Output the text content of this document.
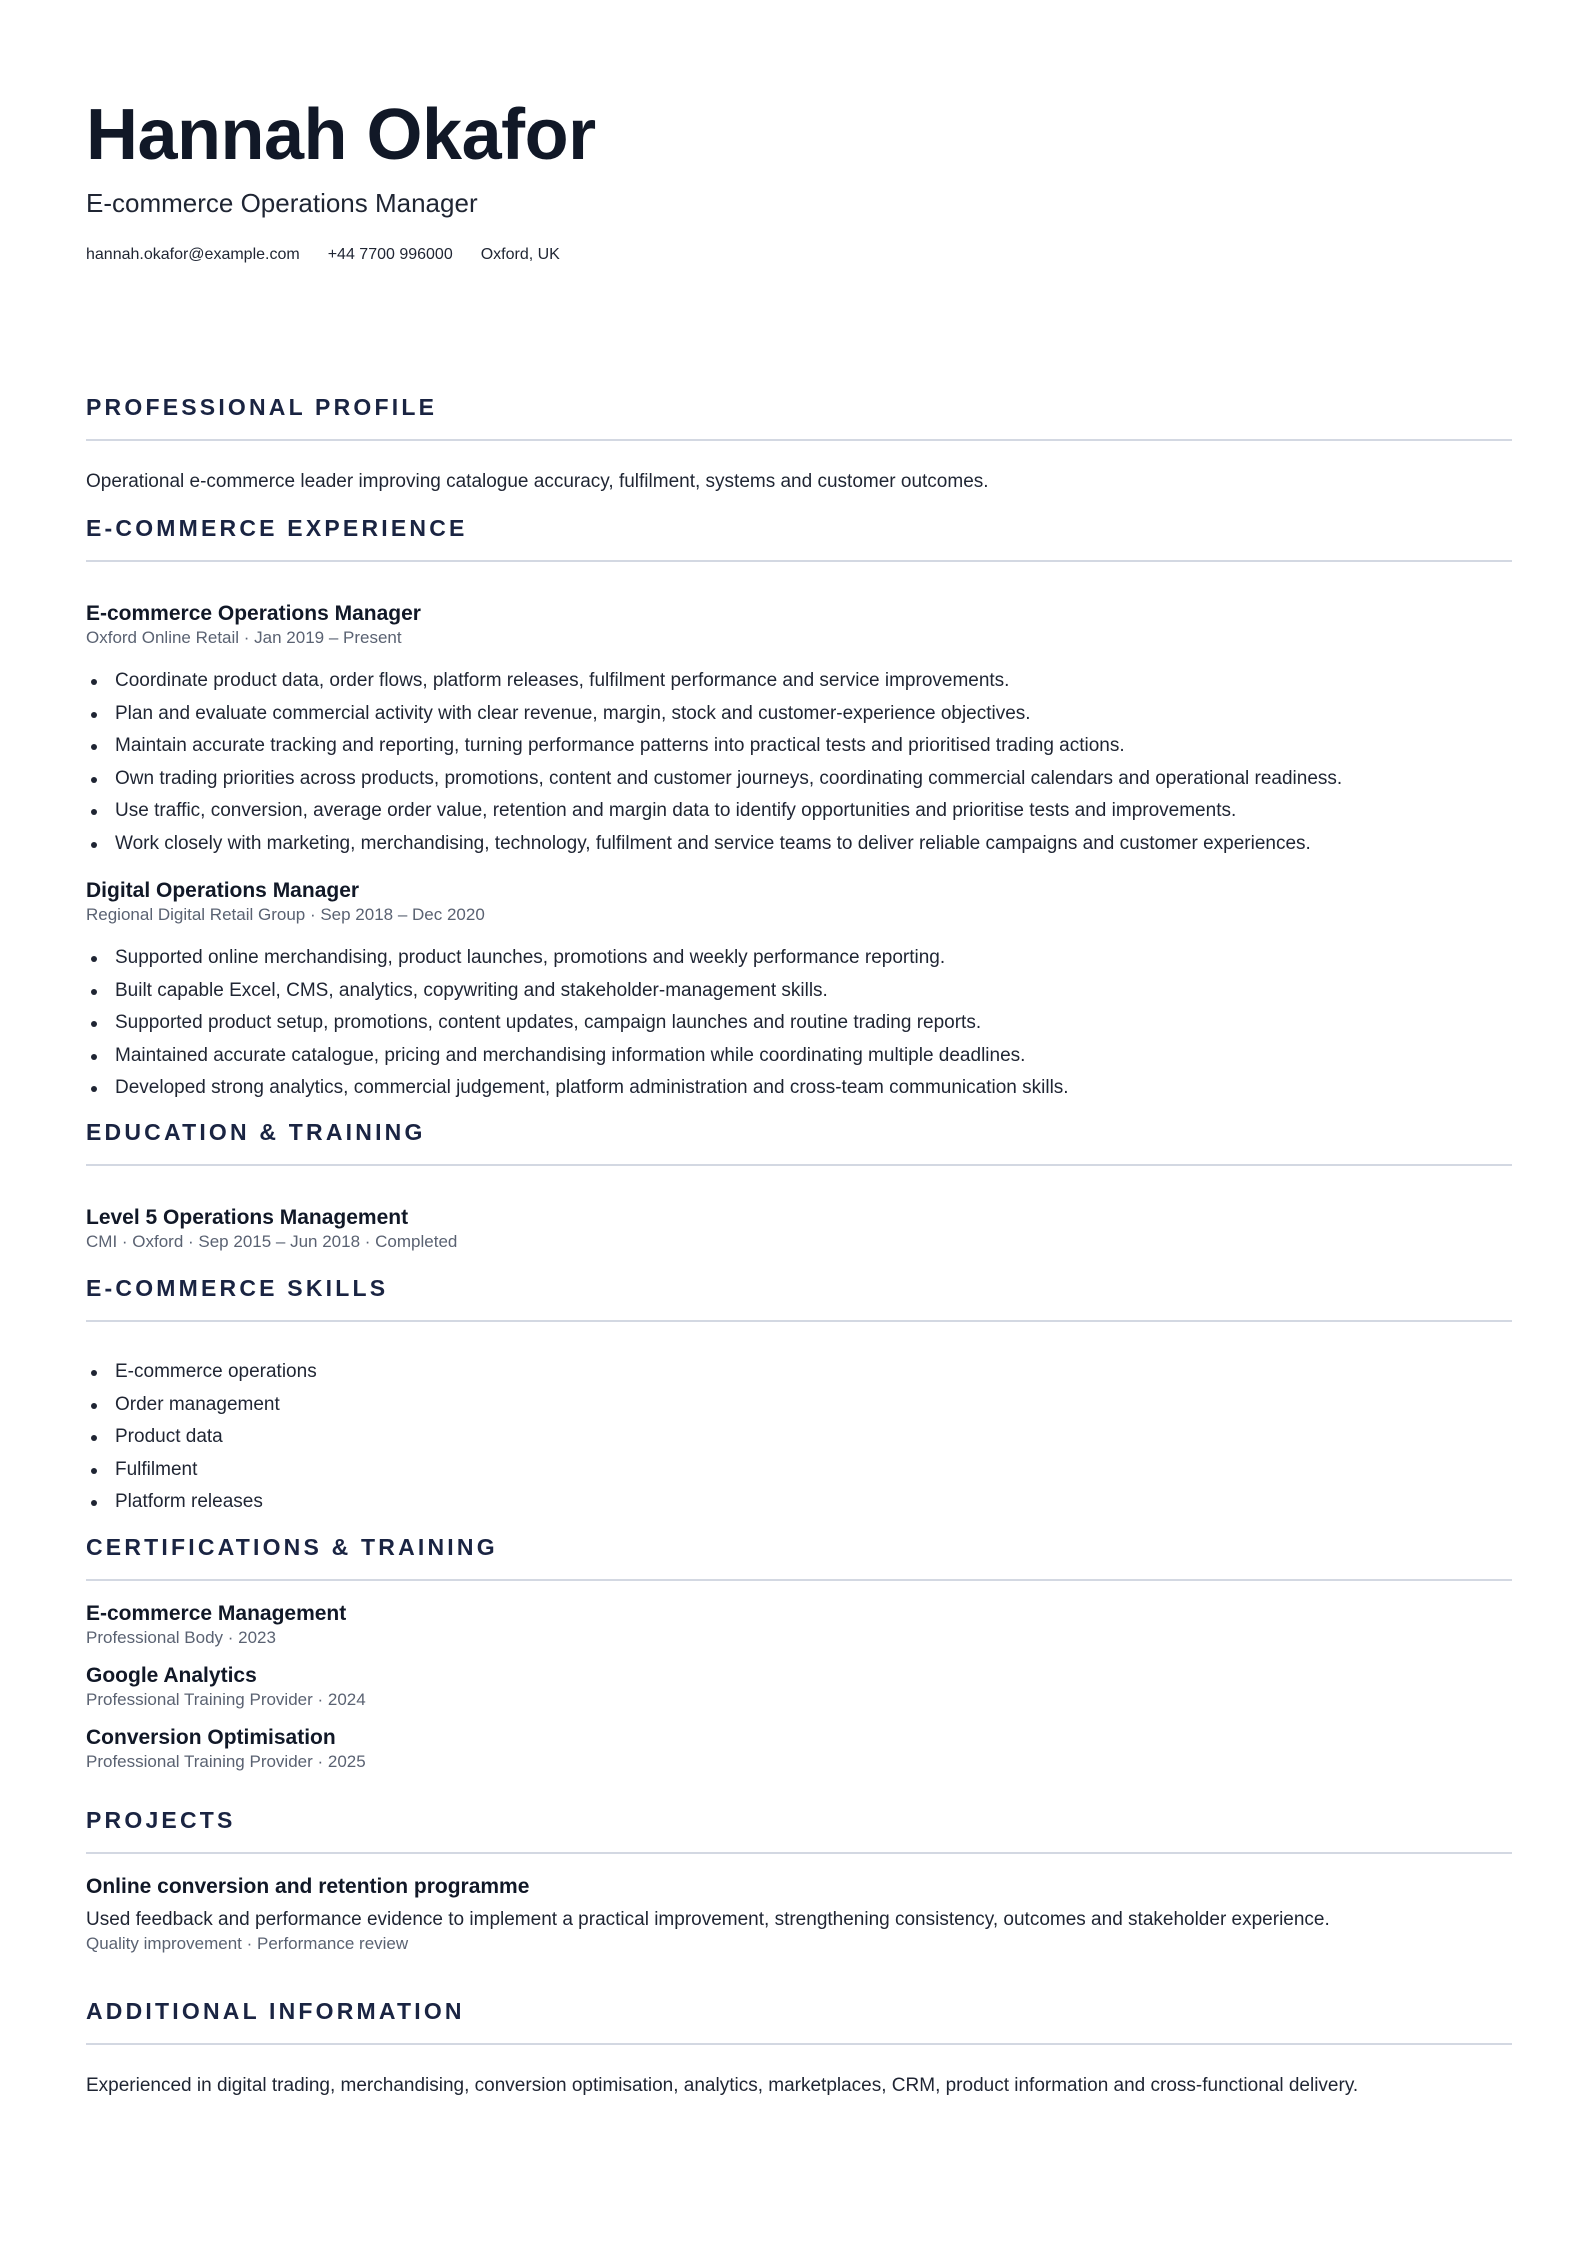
Hannah Okafor
E-commerce Operations Manager
hannah.okafor@example.com +44 7700 996000 Oxford, UK
PROFESSIONAL PROFILE

Operational e-commerce leader improving catalogue accuracy, fulfilment, systems and customer outcomes.

E-COMMERCE EXPERIENCE

E-commerce Operations Manager

Oxford Online Retail · Jan 2019 – Present

Coordinate product data, order flows, platform releases, fulfilment performance and service improvements.
Plan and evaluate commercial activity with clear revenue, margin, stock and customer-experience objectives.
Maintain accurate tracking and reporting, turning performance patterns into practical tests and prioritised trading actions.
Own trading priorities across products, promotions, content and customer journeys, coordinating commercial calendars and operational readiness.
Use traffic, conversion, average order value, retention and margin data to identify opportunities and prioritise tests and improvements.
Work closely with marketing, merchandising, technology, fulfilment and service teams to deliver reliable campaigns and customer experiences.

Digital Operations Manager

Regional Digital Retail Group · Sep 2018 – Dec 2020

Supported online merchandising, product launches, promotions and weekly performance reporting.
Built capable Excel, CMS, analytics, copywriting and stakeholder-management skills.
Supported product setup, promotions, content updates, campaign launches and routine trading reports.
Maintained accurate catalogue, pricing and merchandising information while coordinating multiple deadlines.
Developed strong analytics, commercial judgement, platform administration and cross-team communication skills.
EDUCATION & TRAINING

Level 5 Operations Management

CMI · Oxford · Sep 2015 – Jun 2018 · Completed

E-COMMERCE SKILLS
E-commerce operations
Order management
Product data
Fulfilment
Platform releases
CERTIFICATIONS & TRAINING

E-commerce Management

Professional Body · 2023

Google Analytics

Professional Training Provider · 2024

Conversion Optimisation

Professional Training Provider · 2025

PROJECTS

Online conversion and retention programme

Used feedback and performance evidence to implement a practical improvement, strengthening consistency, outcomes and stakeholder experience.

Quality improvement · Performance review

ADDITIONAL INFORMATION

Experienced in digital trading, merchandising, conversion optimisation, analytics, marketplaces, CRM, product information and cross-functional delivery.
